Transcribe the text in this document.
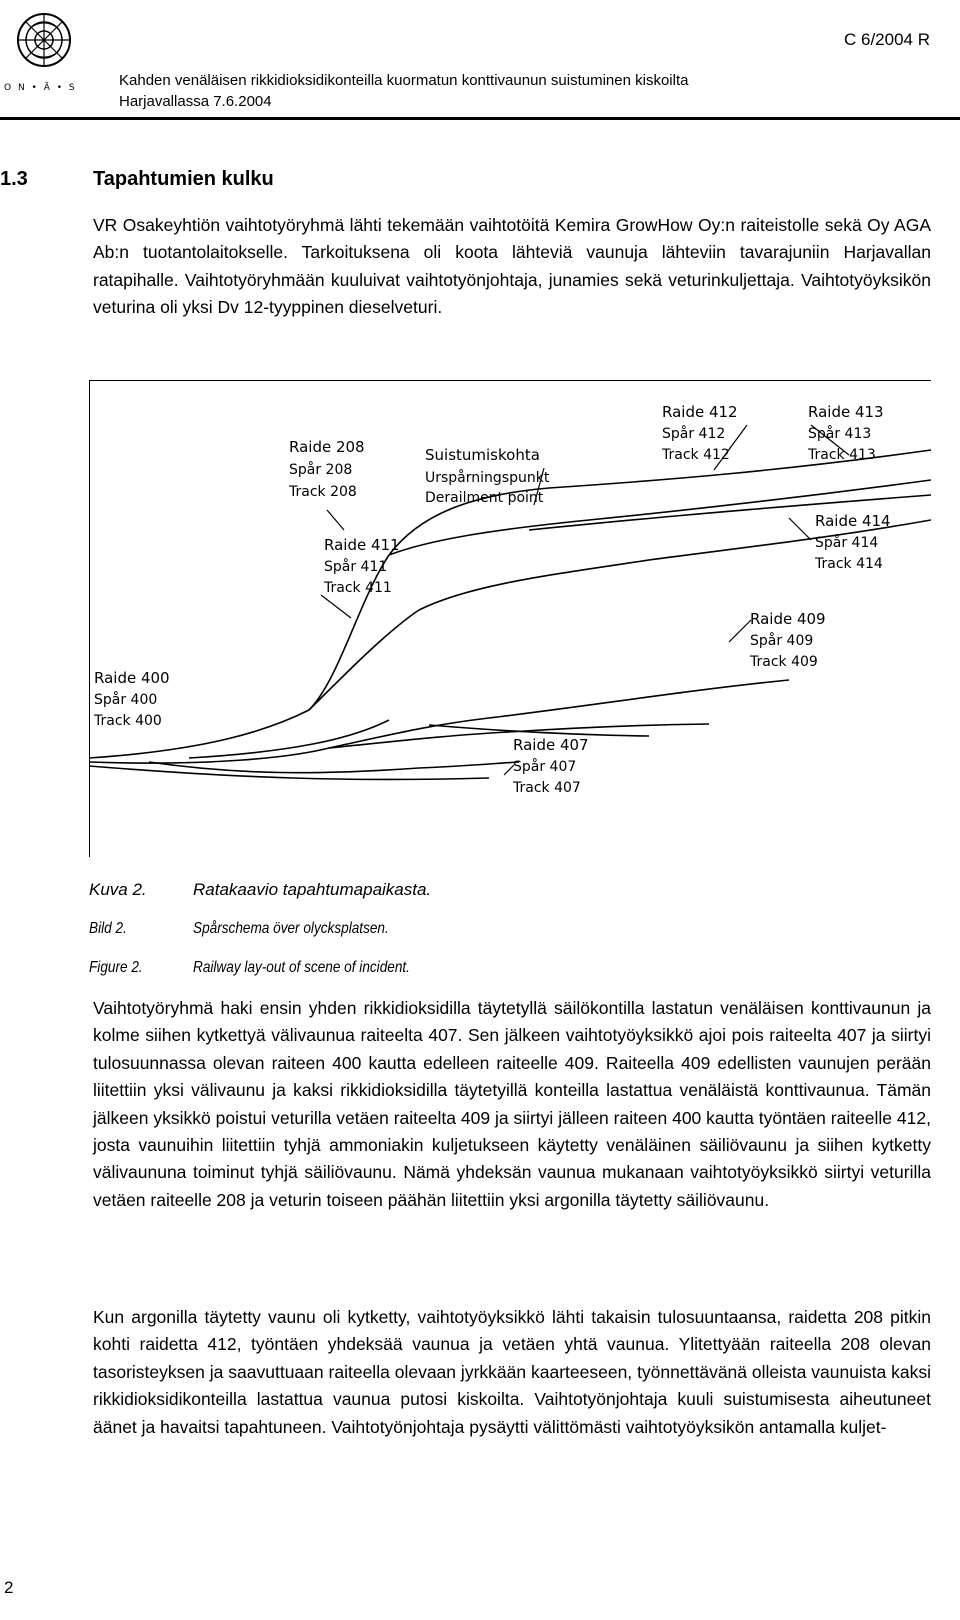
O N • Ä • S
C 6/2004 R
Kahden venäläisen rikkidioksidikonteilla kuormatun konttivaunun suistuminen kiskoilta
Harjavallassa 7.6.2004
1.3	Tapahtumien kulku

VR Osakeyhtiön vaihtotyöryhmä lähti tekemään vaihtotöitä Kemira GrowHow Oy:n raiteistolle sekä Oy AGA Ab:n tuotantolaitokselle. Tarkoituksena oli koota lähteviä vaunuja lähteviin tavarajuniin Harjavallan ratapihalle. Vaihtotyöryhmään kuuluivat vaihtotyönjohtaja, junamies sekä veturinkuljettaja. Vaihtotyöyksikön veturina oli yksi Dv 12-tyyppinen dieselveturi.

Raide 208
Spår 208
Track 208
Suistumiskohta
Urspårningspunkt
Derailment point
Raide 412
Spår 412
Track 412
Raide 413
Spår 413
Track 413
Raide 414
Spår 414
Track 414
Raide 411
Spår 411
Track 411
Raide 409
Spår 409
Track 409
Raide 400
Spår 400
Track 400
Raide 407
Spår 407
Track 407
Kuva 2.	Ratakaavio tapahtumapaikasta.
Bild 2.	Spårschema över olycksplatsen.
Figure 2.	Railway lay-out of scene of incident.

Vaihtotyöryhmä haki ensin yhden rikkidioksidilla täytetyllä säilökontilla lastatun venäläisen konttivaunun ja kolme siihen kytkettyä välivaunua raiteelta 407. Sen jälkeen vaihtotyöyksikkö ajoi pois raiteelta 407 ja siirtyi tulosuunnassa olevan raiteen 400 kautta edelleen raiteelle 409. Raiteella 409 edellisten vaunujen perään liitettiin yksi välivaunu ja kaksi rikkidioksidilla täytetyillä konteilla lastattua venäläistä konttivaunua. Tämän jälkeen yksikkö poistui veturilla vetäen raiteelta 409 ja siirtyi jälleen raiteen 400 kautta työntäen raiteelle 412, josta vaunuihin liitettiin tyhjä ammoniakin kuljetukseen käytetty venäläinen säiliövaunu ja siihen kytketty välivaununa toiminut tyhjä säiliövaunu. Nämä yhdeksän vaunua mukanaan vaihtotyöyksikkö siirtyi veturilla vetäen raiteelle 208 ja veturin toiseen päähän liitettiin yksi argonilla täytetty säiliövaunu.

Kun argonilla täytetty vaunu oli kytketty, vaihtotyöyksikkö lähti takaisin tulosuuntaansa, raidetta 208 pitkin kohti raidetta 412, työntäen yhdeksää vaunua ja vetäen yhtä vaunua. Ylitettyään raiteella 208 olevan tasoristeyksen ja saavuttuaan raiteella olevaan jyrkkään kaarteeseen, työnnettävänä olleista vaunuista kaksi rikkidioksidikonteilla lastattua vaunua putosi kiskoilta. Vaihtotyönjohtaja kuuli suistumisesta aiheutuneet äänet ja havaitsi tapahtuneen. Vaihtotyönjohtaja pysäytti välittömästi vaihtotyöyksikön antamalla kuljet-

2
